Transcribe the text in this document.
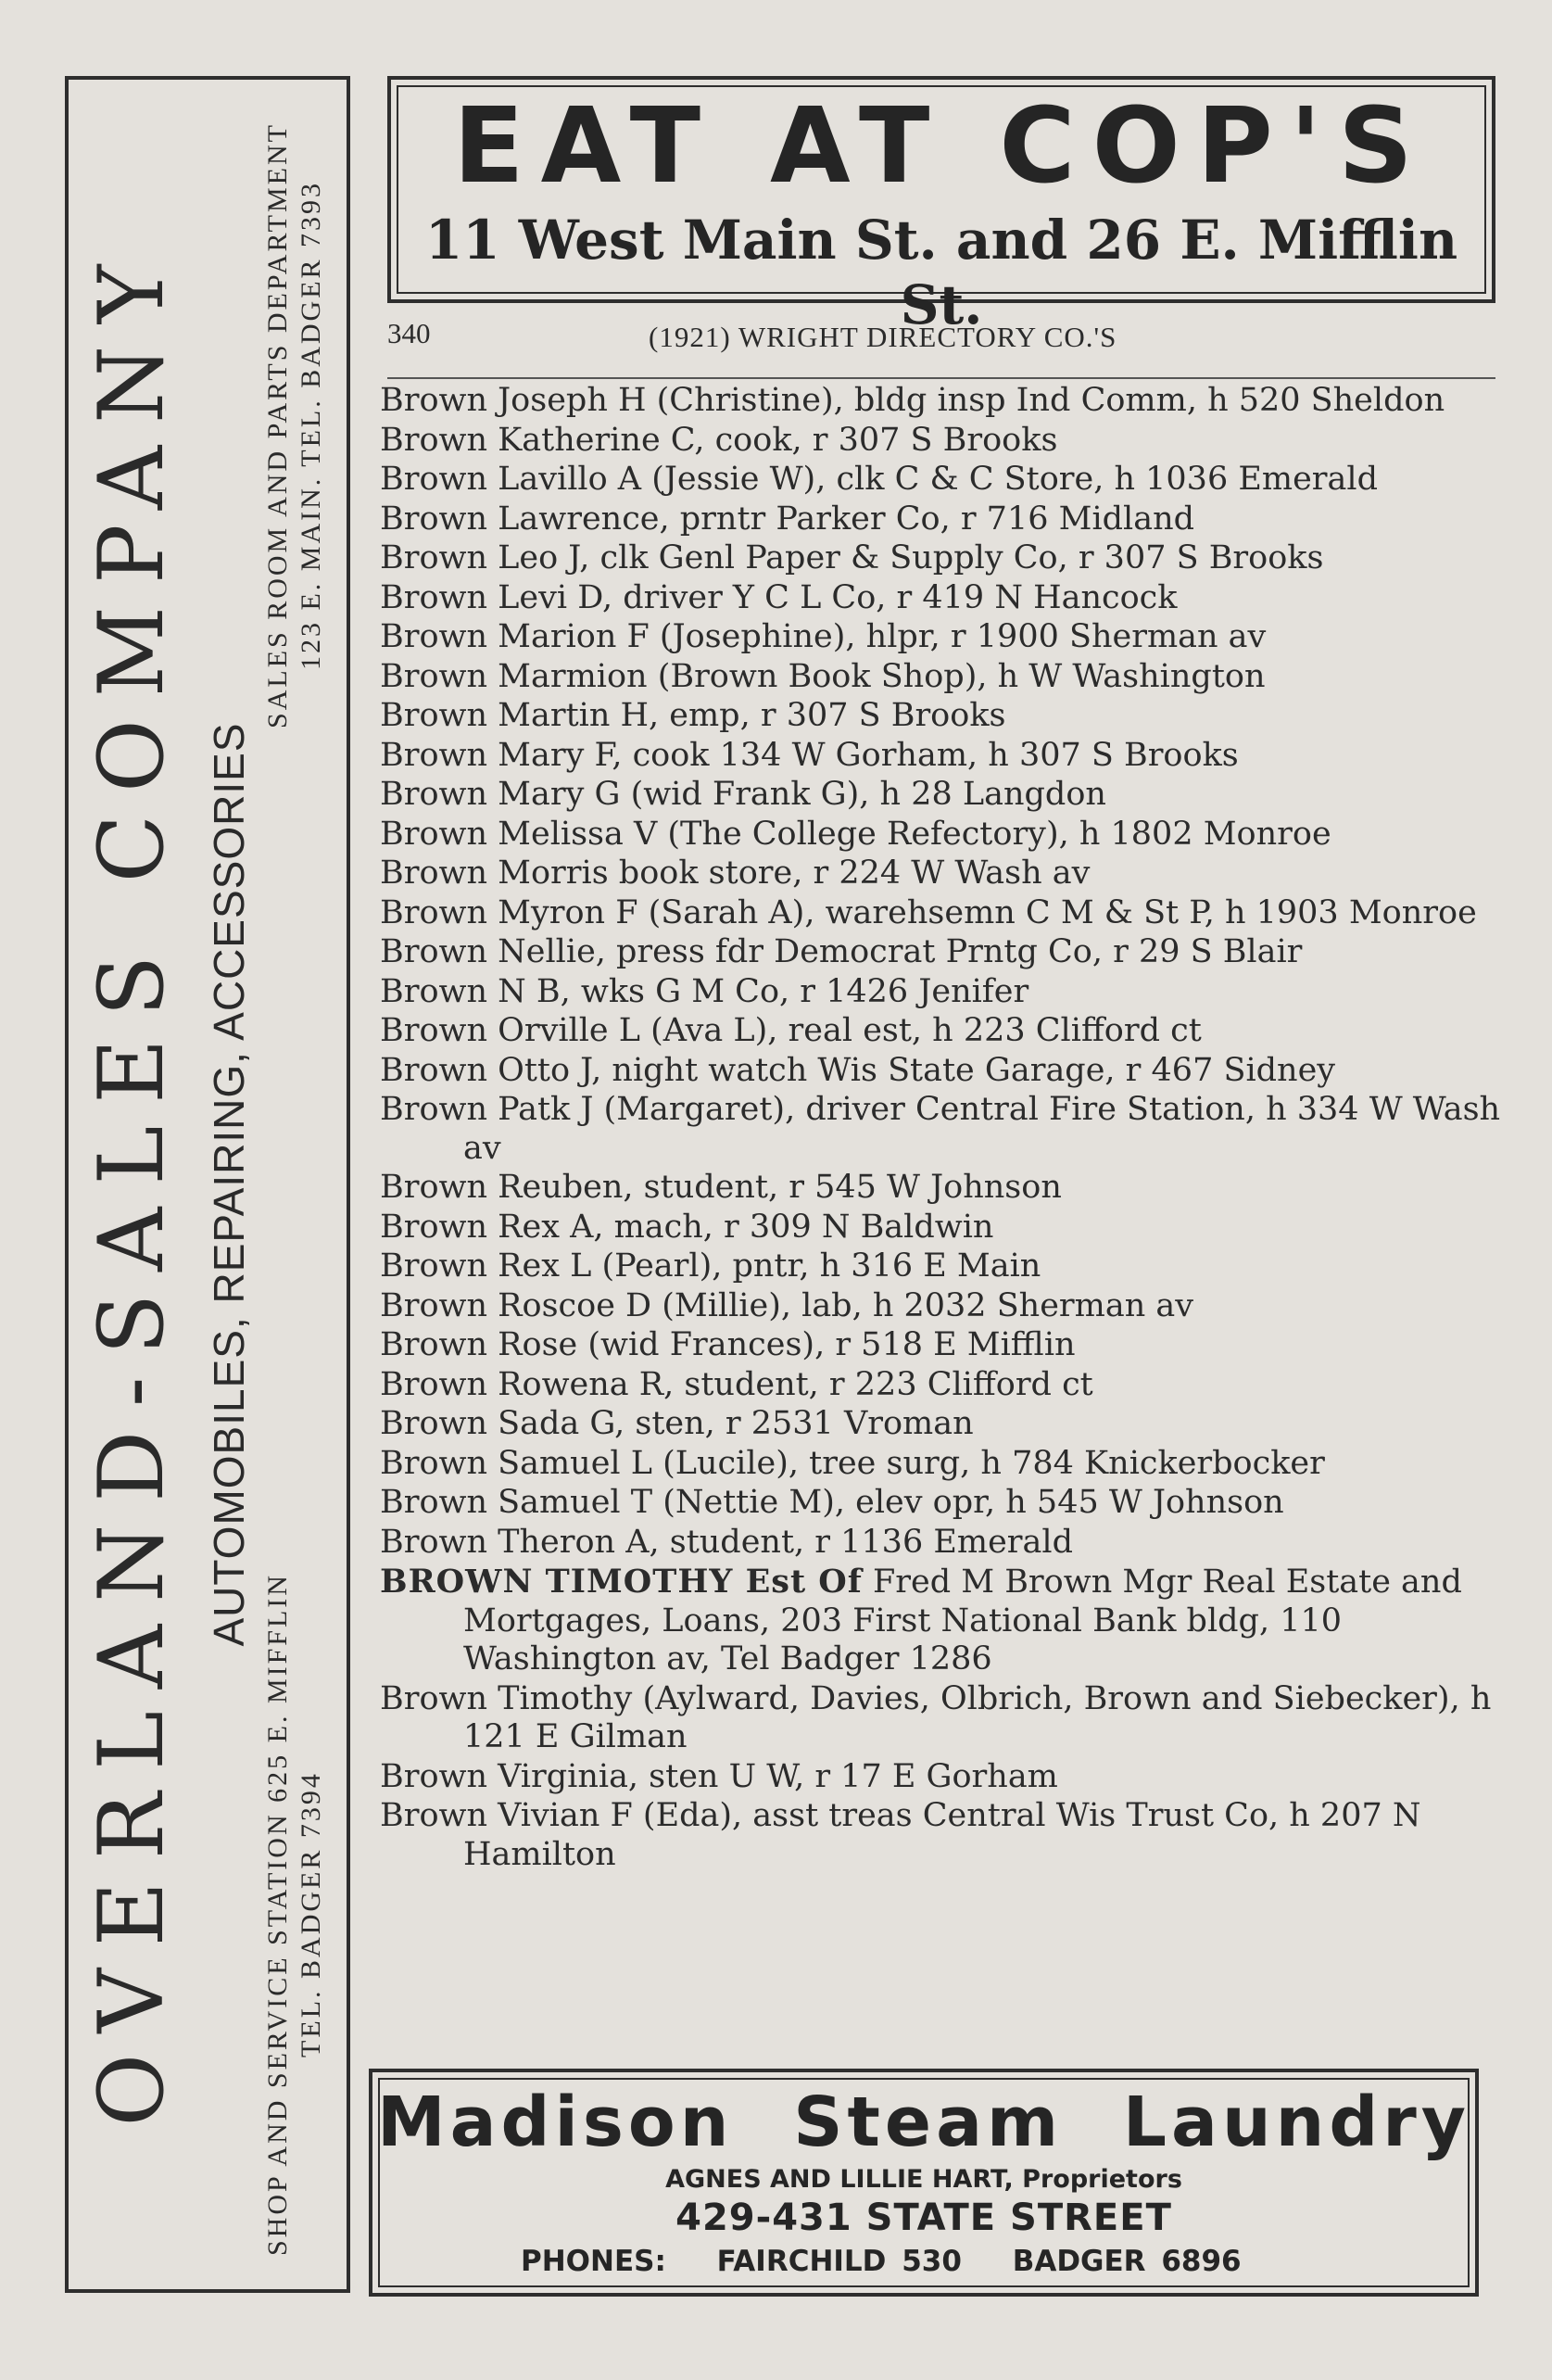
OVERLAND-SALES COMPANY AUTOMOBILES, REPAIRING, ACCESSORIES
SHOP AND SERVICE STATION 625 E. MIFFLIN TEL. BADGER 7394
SALES ROOM AND PARTS DEPARTMENT 123 E. MAIN. TEL. BADGER 7393
EAT AT COP'S
11 West Main St. and 26 E. Mifflin St.
340	(1921) WRIGHT DIRECTORY CO.'S
Brown Joseph H (Christine), bldg insp Ind Comm, h 520 Sheldon
Brown Katherine C, cook, r 307 S Brooks
Brown Lavillo A (Jessie W), clk C & C Store, h 1036 Emerald
Brown Lawrence, prntr Parker Co, r 716 Midland
Brown Leo J, clk Genl Paper & Supply Co, r 307 S Brooks
Brown Levi D, driver Y C L Co, r 419 N Hancock
Brown Marion F (Josephine), hlpr, r 1900 Sherman av
Brown Marmion (Brown Book Shop), h W Washington
Brown Martin H, emp, r 307 S Brooks
Brown Mary F, cook 134 W Gorham, h 307 S Brooks
Brown Mary G (wid Frank G), h 28 Langdon
Brown Melissa V (The College Refectory), h 1802 Monroe
Brown Morris book store, r 224 W Wash av
Brown Myron F (Sarah A), warehsemn C M & St P, h 1903 Monroe
Brown Nellie, press fdr Democrat Prntg Co, r 29 S Blair
Brown N B, wks G M Co, r 1426 Jenifer
Brown Orville L (Ava L), real est, h 223 Clifford ct
Brown Otto J, night watch Wis State Garage, r 467 Sidney
Brown Patk J (Margaret), driver Central Fire Station, h 334 W Wash av
Brown Reuben, student, r 545 W Johnson
Brown Rex A, mach, r 309 N Baldwin
Brown Rex L (Pearl), pntr, h 316 E Main
Brown Roscoe D (Millie), lab, h 2032 Sherman av
Brown Rose (wid Frances), r 518 E Mifflin
Brown Rowena R, student, r 223 Clifford ct
Brown Sada G, sten, r 2531 Vroman
Brown Samuel L (Lucile), tree surg, h 784 Knickerbocker
Brown Samuel T (Nettie M), elev opr, h 545 W Johnson
Brown Theron A, student, r 1136 Emerald
BROWN TIMOTHY Est Of Fred M Brown Mgr Real Estate and Mortgages, Loans, 203 First National Bank bldg, 110 Washington av, Tel Badger 1286
Brown Timothy (Aylward, Davies, Olbrich, Brown and Siebecker), h 121 E Gilman
Brown Virginia, sten U W, r 17 E Gorham
Brown Vivian F (Eda), asst treas Central Wis Trust Co, h 207 N Hamilton
Madison Steam Laundry
AGNES AND LILLIE HART, Proprietors
429-431 STATE STREET
PHONES: FAIRCHILD 530 BADGER 6896
